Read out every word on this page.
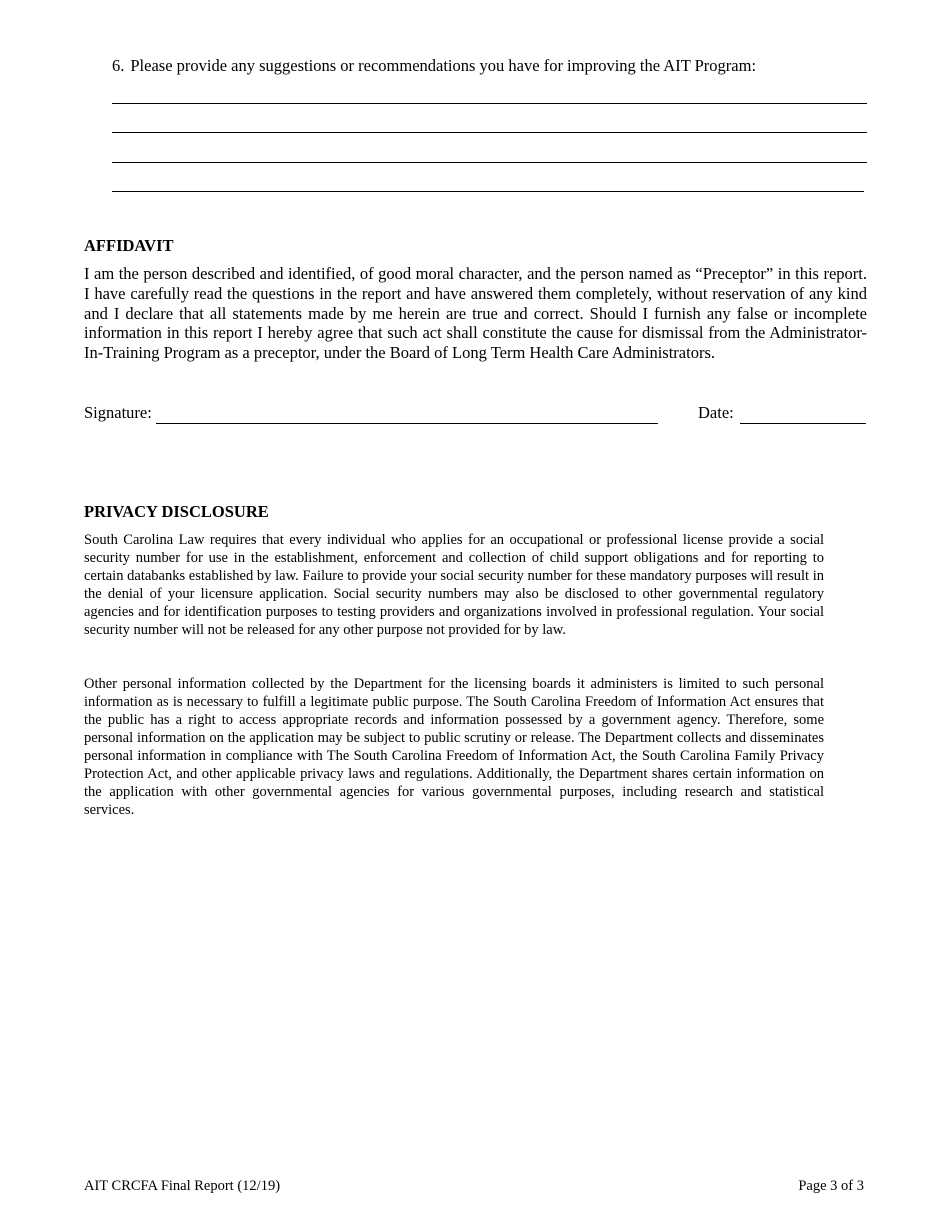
6. Please provide any suggestions or recommendations you have for improving the AIT Program:
AFFIDAVIT
I am the person described and identified, of good moral character, and the person named as “Preceptor” in this report. I have carefully read the questions in the report and have answered them completely, without reservation of any kind and I declare that all statements made by me herein are true and correct. Should I furnish any false or incomplete information in this report I hereby agree that such act shall constitute the cause for dismissal from the Administrator-In-Training Program as a preceptor, under the Board of Long Term Health Care Administrators.
Signature:	Date:
PRIVACY DISCLOSURE
South Carolina Law requires that every individual who applies for an occupational or professional license provide a social security number for use in the establishment, enforcement and collection of child support obligations and for reporting to certain databanks established by law. Failure to provide your social security number for these mandatory purposes will result in the denial of your licensure application. Social security numbers may also be disclosed to other governmental regulatory agencies and for identification purposes to testing providers and organizations involved in professional regulation. Your social security number will not be released for any other purpose not provided for by law.
Other personal information collected by the Department for the licensing boards it administers is limited to such personal information as is necessary to fulfill a legitimate public purpose. The South Carolina Freedom of Information Act ensures that the public has a right to access appropriate records and information possessed by a government agency. Therefore, some personal information on the application may be subject to public scrutiny or release. The Department collects and disseminates personal information in compliance with The South Carolina Freedom of Information Act, the South Carolina Family Privacy Protection Act, and other applicable privacy laws and regulations. Additionally, the Department shares certain information on the application with other governmental agencies for various governmental purposes, including research and statistical services.
AIT CRCFA Final Report (12/19)	Page 3 of 3
